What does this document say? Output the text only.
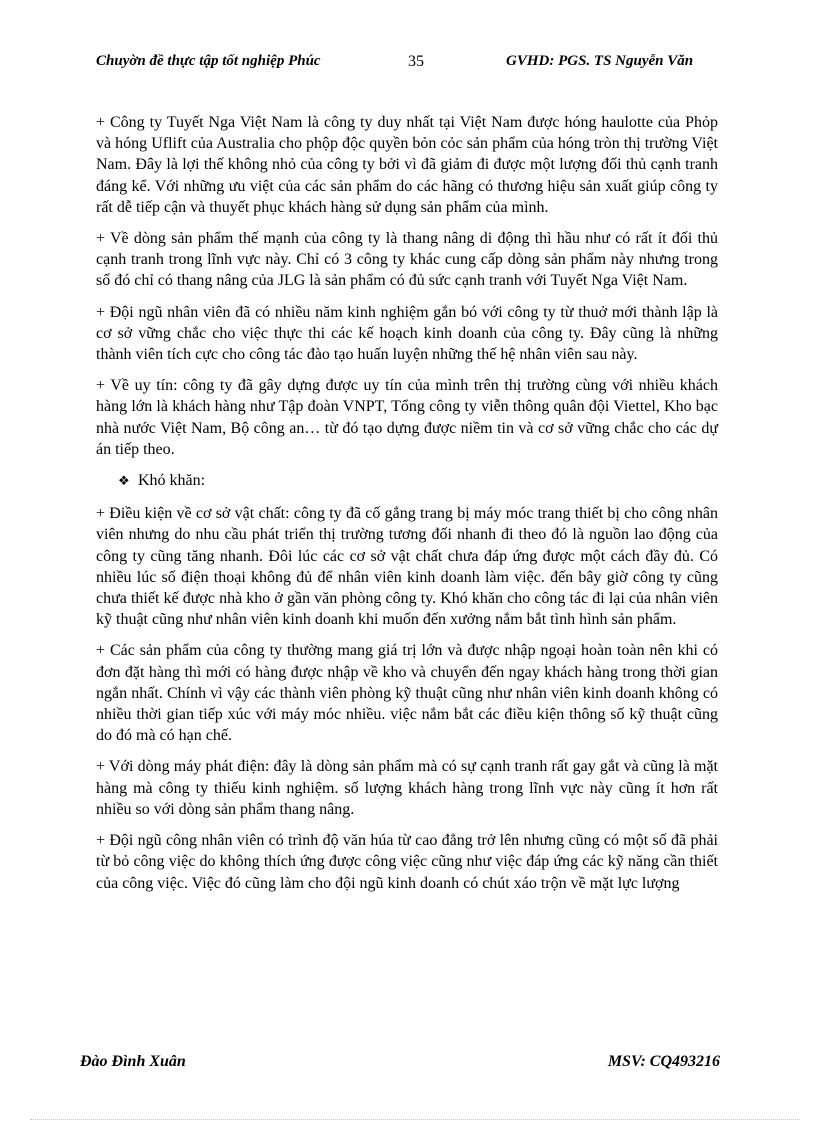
Chuyờn đề thực tập tốt nghiệp Phúc	35	GVHD: PGS. TS Nguyễn Văn

+ Công ty Tuyết Nga Việt Nam là công ty duy nhất tại Việt Nam được hóng haulotte của Phỏp và hóng Uflift của Australia cho phộp độc quyền bỏn cỏc sản phẩm của hóng tròn thị trường Việt Nam. Đây là lợi thế không nhỏ của công ty bởi vì đã giảm đi được một lượng đối thủ cạnh tranh đáng kể. Với những ưu việt của các sản phẩm do các hãng có thương hiệu sản xuất giúp công ty rất dễ tiếp cận và thuyết phục khách hàng sử dụng sản phẩm của mình.

+ Về dòng sản phẩm thế mạnh của công ty là thang nâng di động thì hầu như có rất ít đối thủ cạnh tranh trong lĩnh vực này. Chỉ có 3 công ty khác cung cấp dòng sản phẩm này nhưng trong số đó chỉ có thang nâng của JLG là sản phẩm có đủ sức cạnh tranh với Tuyết Nga Việt Nam.

+ Đội ngũ nhân viên đã có nhiều năm kinh nghiệm gắn bó với công ty từ thuở mới thành lập là cơ sở vững chắc cho việc thực thi các kế hoạch kinh doanh của công ty. Đây cũng là những thành viên tích cực cho công tác đào tạo huấn luyện những thế hệ nhân viên sau này.

+ Về uy tín: công ty đã gây dựng được uy tín của mình trên thị trường cùng với nhiều khách hàng lớn là khách hàng như Tập đoàn VNPT, Tổng công ty viễn thông quân đội Viettel, Kho bạc nhà nước Việt Nam, Bộ công an… từ đó tạo dựng được niềm tin và cơ sở vững chắc cho các dự án tiếp theo.

❖ Khó khăn:

+ Điều kiện về cơ sở vật chất: công ty đã cố gắng trang bị máy móc trang thiết bị cho công nhân viên nhưng do nhu cầu phát triển thị trường tương đối nhanh đi theo đó là nguồn lao động của công ty cũng tăng nhanh. Đôi lúc các cơ sở vật chất chưa đáp ứng được một cách đầy đủ. Có nhiều lúc số điện thoại không đủ để nhân viên kinh doanh làm việc. đến bây giờ công ty cũng chưa thiết kế được nhà kho ở gần văn phòng công ty. Khó khăn cho công tác đi lại của nhân viên kỹ thuật cũng như nhân viên kinh doanh khi muốn đến xưởng nắm bắt tình hình sản phẩm.

+ Các sản phẩm của công ty thường mang giá trị lớn và được nhập ngoại hoàn toàn nên khi có đơn đặt hàng thì mới có hàng được nhập về kho và chuyển đến ngay khách hàng trong thời gian ngắn nhất. Chính vì vậy các thành viên phòng kỹ thuật cũng như nhân viên kinh doanh không có nhiều thời gian tiếp xúc với máy móc nhiều. việc nắm bắt các điều kiện thông số kỹ thuật cũng do đó mà có hạn chế.

+ Với dòng máy phát điện: đây là dòng sản phẩm mà có sự cạnh tranh rất gay gắt và cũng là mặt hàng mà công ty thiếu kinh nghiệm. số lượng khách hàng trong lĩnh vực này cũng ít hơn rất nhiều so với dòng sản phẩm thang nâng.

+ Đội ngũ công nhân viên có trình độ văn húa từ cao đẳng trở lên nhưng cũng có một số đã phải từ bỏ công việc do không thích ứng được công việc cũng như việc đáp ứng các kỹ năng cần thiết của công việc. Việc đó cũng làm cho đội ngũ kinh doanh có chút xáo trộn về mặt lực lượng

Đào Đình Xuân	MSV: CQ493216
